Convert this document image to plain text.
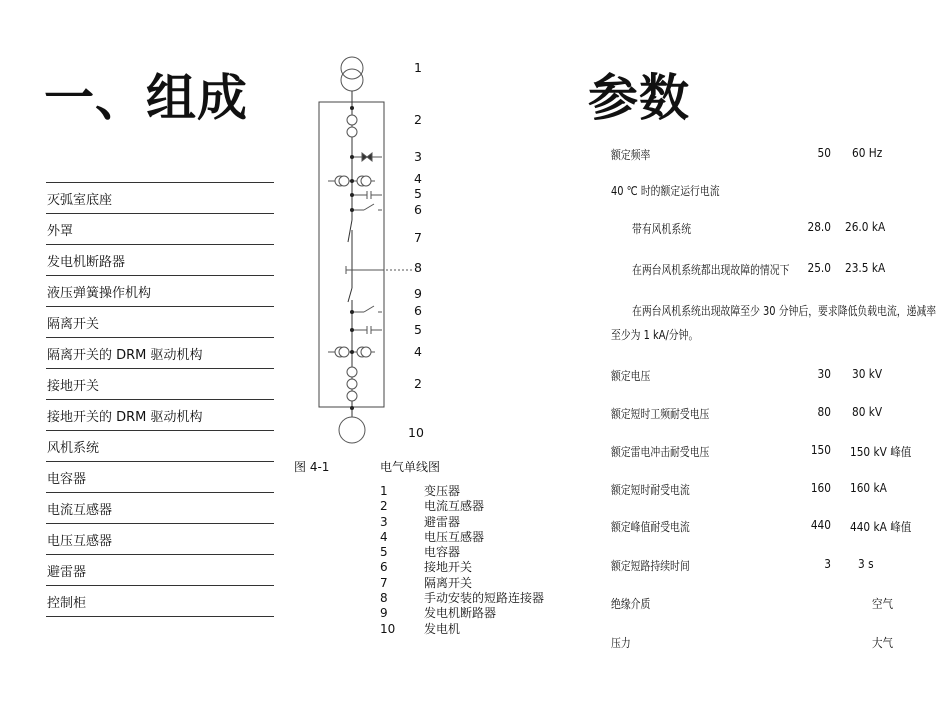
一、组成	参数
灭弧室底座
外罩
发电机断路器
液压弹簧操作机构
隔离开关
隔离开关的 DRM 驱动机构
接地开关
接地开关的 DRM 驱动机构
风机系统
电容器
电流互感器
电压互感器
避雷器
控制柜
1
2
3
4
5
6
7
8
9
6
5
4
2
10
图 4-1	电气单线图
1	变压器
2	电流互感器
3	避雷器
4	电压互感器
5	电容器
6	接地开关
7	隔离开关
8	手动安装的短路连接器
9	发电机断路器
10	发电机
额定频率	50 60 Hz
40 ℃ 时的额定运行电流
带有风机系统	28.0 26.0 kA
在两台风机系统都出现故障的情况下	25.0 23.5 kA
在两台风机系统出现故障至少 30 分钟后，要求降低负载电流，递减率
至少为 1 kA/分钟。
额定电压	30 30 kV
额定短时工频耐受电压	80 80 kV
额定雷电冲击耐受电压	150 150 kV 峰值
额定短时耐受电流	160 160 kA
额定峰值耐受电流	440 440 kA 峰值
额定短路持续时间	3 3 s
绝缘介质	空气
压力	大气
